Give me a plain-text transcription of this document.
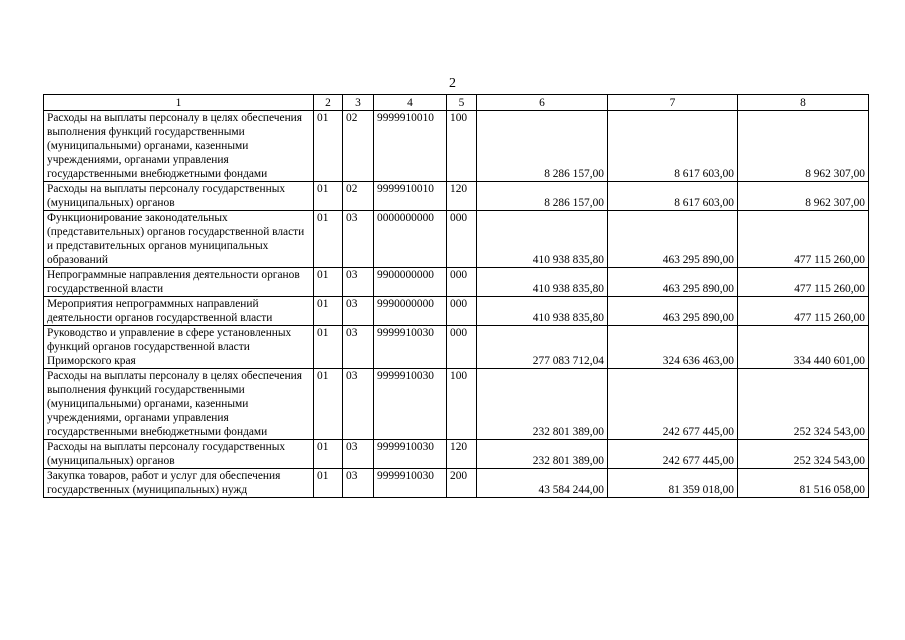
2
1	2	3	4	5	6	7	8
Расходы на выплаты персоналу в целях обеспечения выполнения функций государственными (муниципальными) органами, казенными учреждениями, органами управления государственными внебюджетными фондами	01	02	9999910010	100	8 286 157,00	8 617 603,00	8 962 307,00
Расходы на выплаты персоналу государственных (муниципальных) органов	01	02	9999910010	120	8 286 157,00	8 617 603,00	8 962 307,00
Функционирование законодательных (представительных) органов государственной власти и представительных органов муниципальных образований	01	03	0000000000	000	410 938 835,80	463 295 890,00	477 115 260,00
Непрограммные направления деятельности органов государственной власти	01	03	9900000000	000	410 938 835,80	463 295 890,00	477 115 260,00
Мероприятия непрограммных направлений деятельности органов государственной власти	01	03	9990000000	000	410 938 835,80	463 295 890,00	477 115 260,00
Руководство и управление в сфере установленных функций органов государственной власти Приморского края	01	03	9999910030	000	277 083 712,04	324 636 463,00	334 440 601,00
Расходы на выплаты персоналу в целях обеспечения выполнения функций государственными (муниципальными) органами, казенными учреждениями, органами управления государственными внебюджетными фондами	01	03	9999910030	100	232 801 389,00	242 677 445,00	252 324 543,00
Расходы на выплаты персоналу государственных (муниципальных) органов	01	03	9999910030	120	232 801 389,00	242 677 445,00	252 324 543,00
Закупка товаров, работ и услуг для обеспечения государственных (муниципальных) нужд	01	03	9999910030	200	43 584 244,00	81 359 018,00	81 516 058,00
